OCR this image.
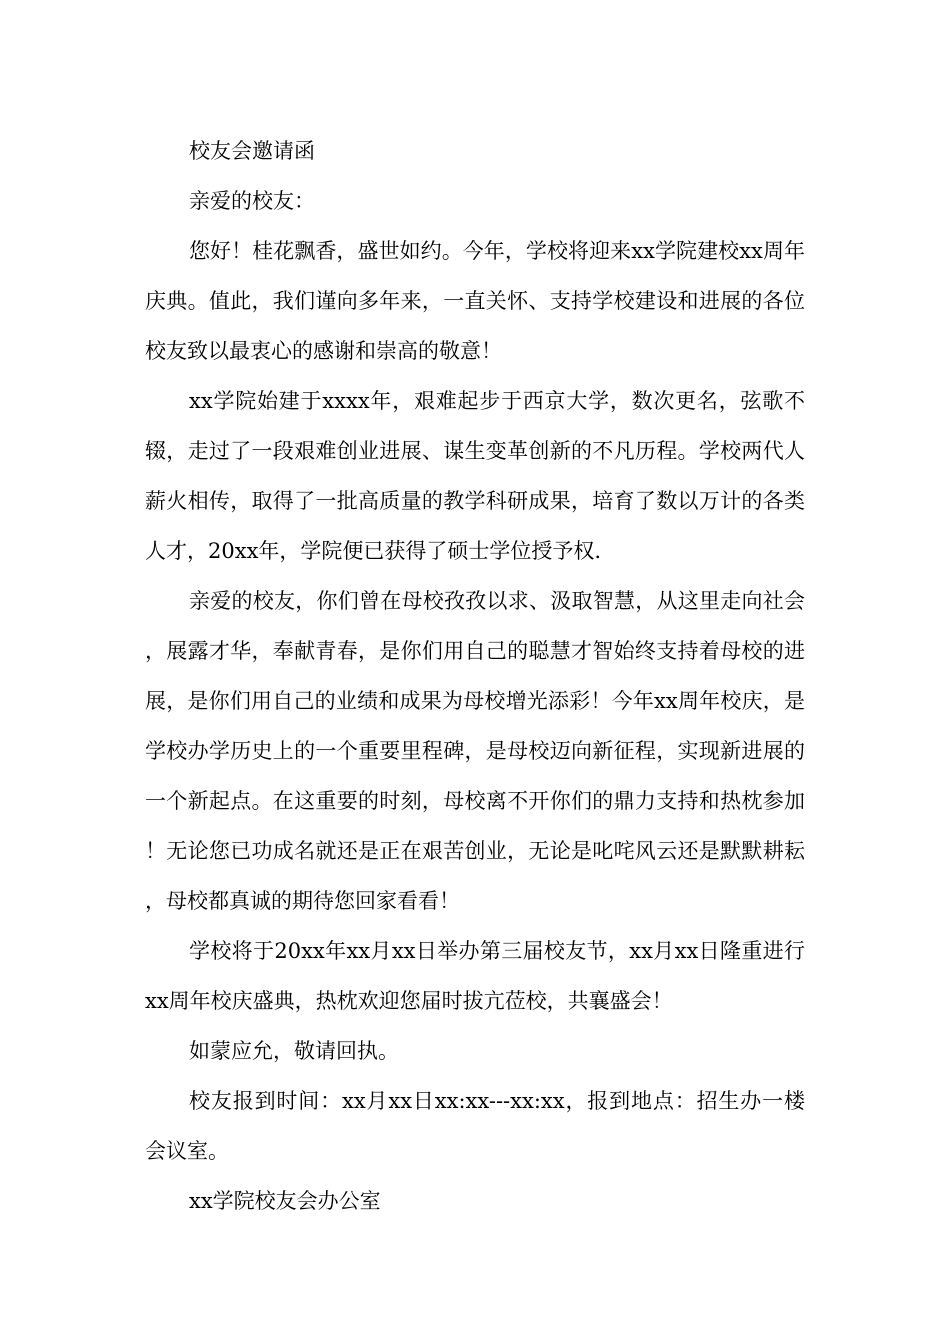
校友会邀请函

亲爱的校友：

您好！桂花飘香，盛世如约。今年，学校将迎来xx学院建校xx周年庆典。值此，我们谨向多年来，一直关怀、支持学校建设和进展的各位校友致以最衷心的感谢和崇高的敬意！

xx学院始建于xxxx年，艰难起步于西京大学，数次更名，弦歌不辍，走过了一段艰难创业进展、谋生变革创新的不凡历程。学校两代人薪火相传，取得了一批高质量的教学科研成果，培育了数以万计的各类人才，20xx年，学院便已获得了硕士学位授予权.

亲爱的校友，你们曾在母校孜孜以求、汲取智慧，从这里走向社会，展露才华，奉献青春，是你们用自己的聪慧才智始终支持着母校的进展，是你们用自己的业绩和成果为母校增光添彩！今年xx周年校庆，是学校办学历史上的一个重要里程碑，是母校迈向新征程，实现新进展的一个新起点。在这重要的时刻，母校离不开你们的鼎力支持和热枕参加！无论您已功成名就还是正在艰苦创业，无论是叱咤风云还是默默耕耘，母校都真诚的期待您回家看看！

学校将于20xx年xx月xx日举办第三届校友节，xx月xx日隆重进行xx周年校庆盛典，热枕欢迎您届时拔亢莅校，共襄盛会！

如蒙应允，敬请回执。

校友报到时间：xx月xx日xx:xx---xx:xx，报到地点：招生办一楼会议室。

xx学院校友会办公室
